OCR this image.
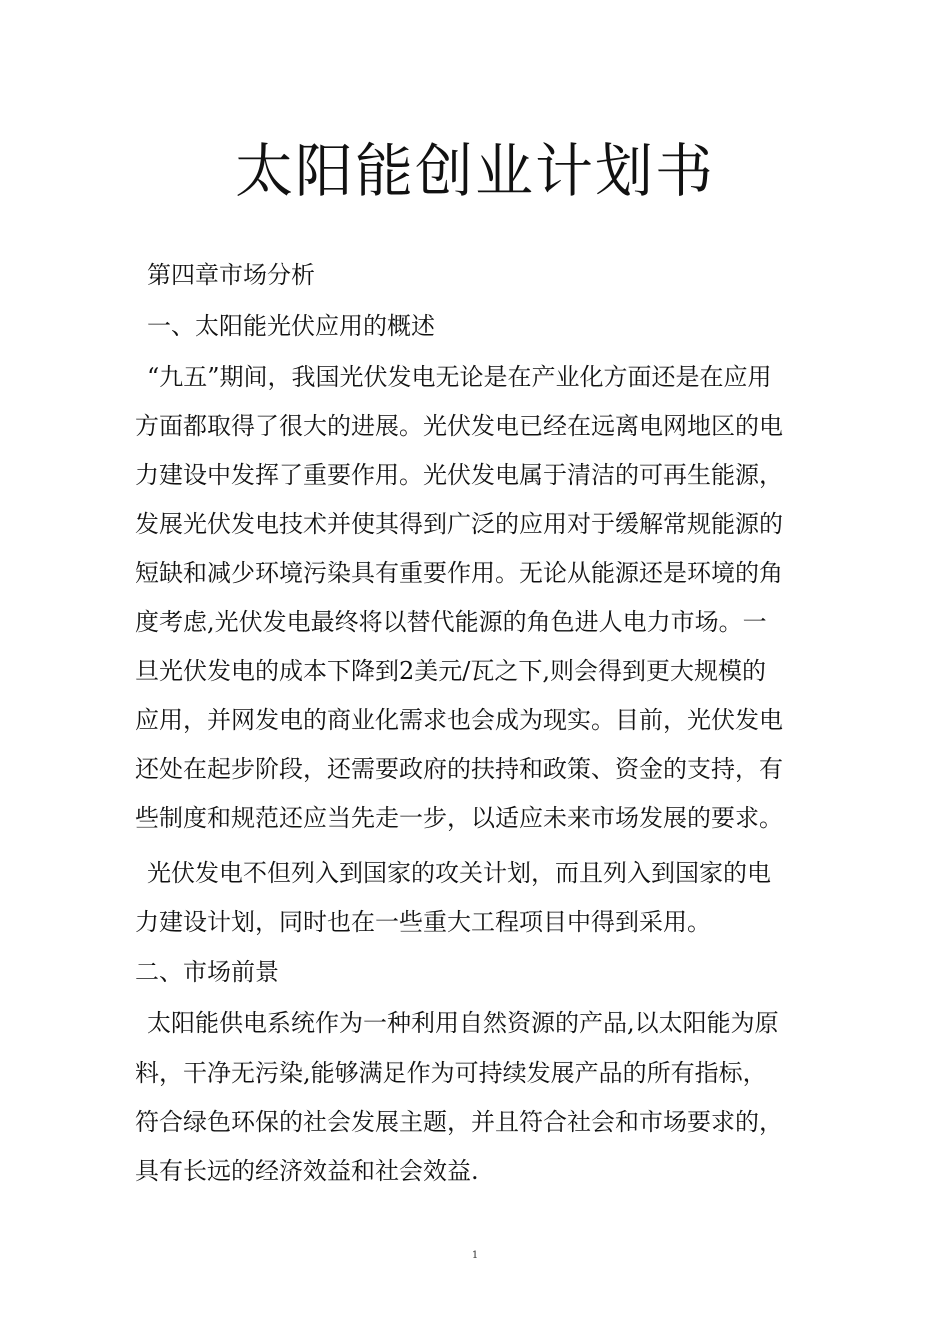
太阳能创业计划书
第四章市场分析
一、太阳能光伏应用的概述
“九五”期间，我国光伏发电无论是在产业化方面还是在应用
方面都取得了很大的进展。光伏发电已经在远离电网地区的电
力建设中发挥了重要作用。光伏发电属于清洁的可再生能源，
发展光伏发电技术并使其得到广泛的应用对于缓解常规能源的
短缺和减少环境污染具有重要作用。无论从能源还是环境的角
度考虑,光伏发电最终将以替代能源的角色进人电力市场。一
旦光伏发电的成本下降到2美元/瓦之下,则会得到更大规模的
应用，并网发电的商业化需求也会成为现实。目前，光伏发电
还处在起步阶段，还需要政府的扶持和政策、资金的支持，有
些制度和规范还应当先走一步，以适应未来市场发展的要求。
光伏发电不但列入到国家的攻关计划，而且列入到国家的电
力建设计划，同时也在一些重大工程项目中得到采用。
二、市场前景
太阳能供电系统作为一种利用自然资源的产品,以太阳能为原
料，干净无污染,能够满足作为可持续发展产品的所有指标，
符合绿色环保的社会发展主题，并且符合社会和市场要求的，
具有长远的经济效益和社会效益.
1
